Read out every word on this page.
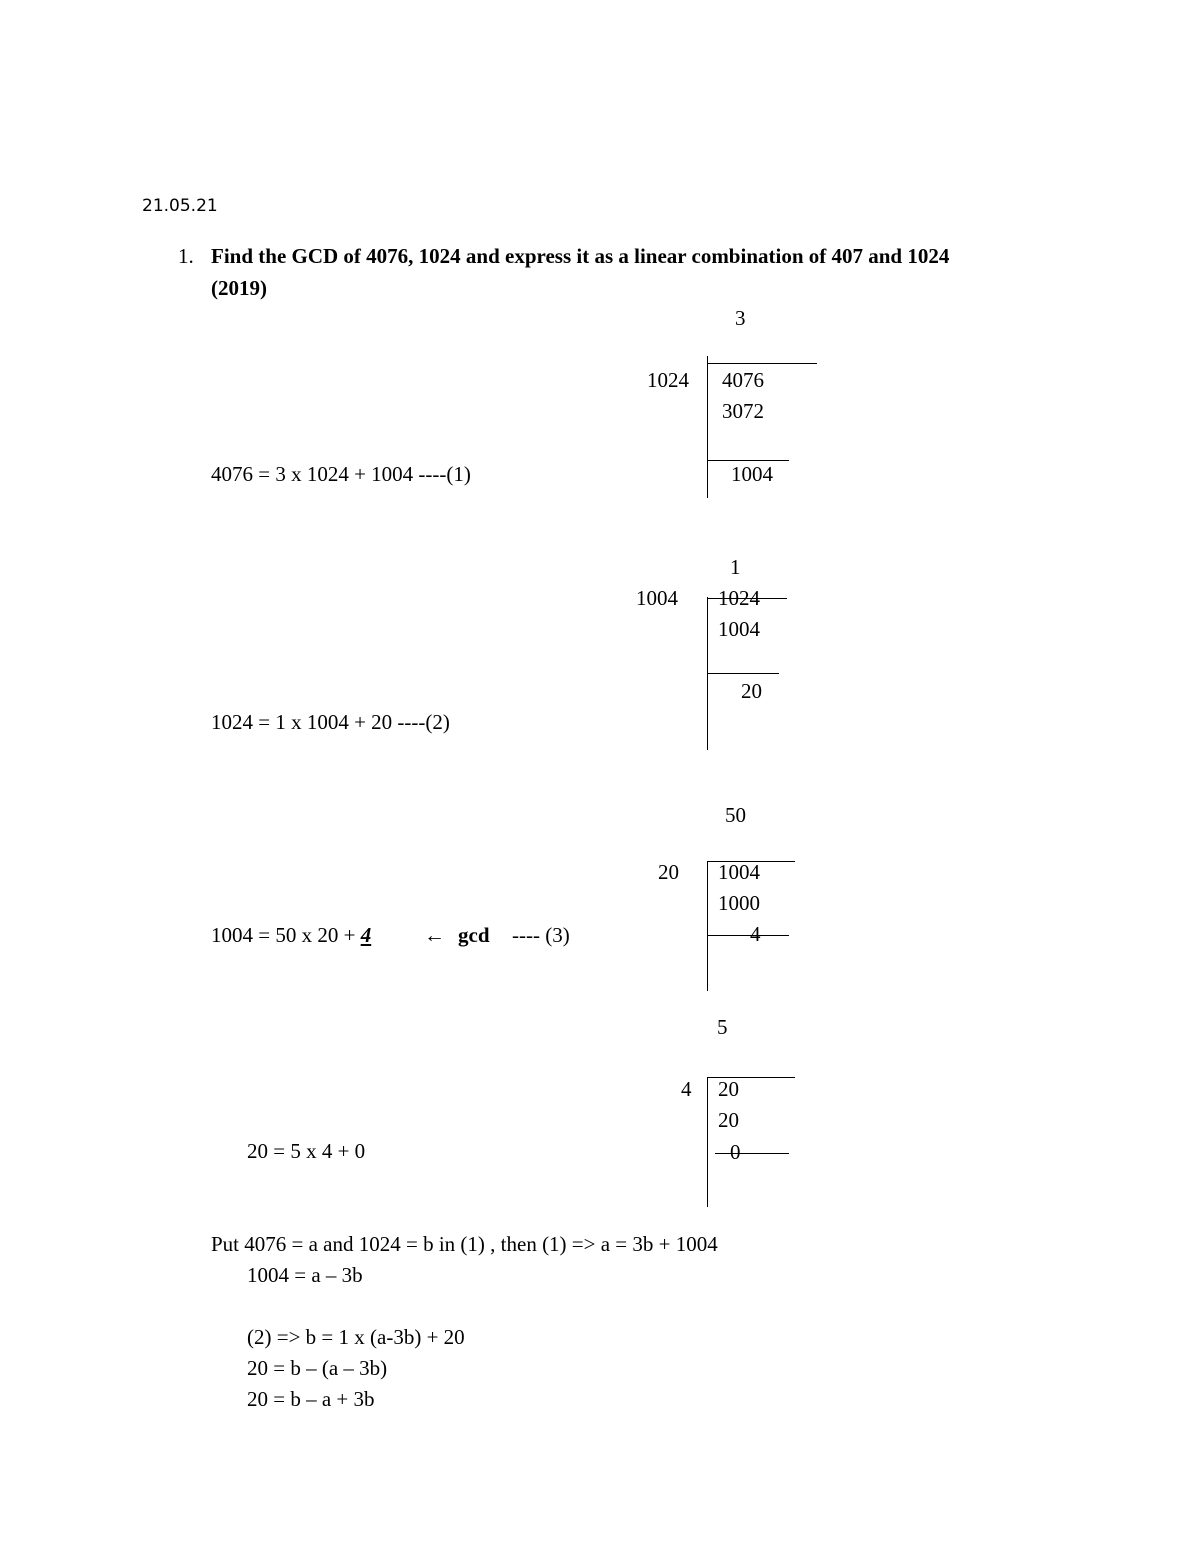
21.05.21
1. Find the GCD of 4076, 1024 and express it as a linear combination of 407 and 1024
(2019)
3
1024 4076
3072
1004
4076 = 3 x 1024 + 1004 ----(1)
1
1004 1024
1004
20
1024 = 1 x 1004 + 20 ----(2)
50
20 1004
1000
4
1004 = 50 x 20 + 4	← gcd ---- (3)
5
4 20
20
0
20 = 5 x 4 + 0
Put 4076 = a and 1024 = b in (1) , then (1) => a = 3b + 1004
1004 = a – 3b
(2) => b = 1 x (a-3b) + 20
20 = b – (a – 3b)
20 = b – a + 3b
